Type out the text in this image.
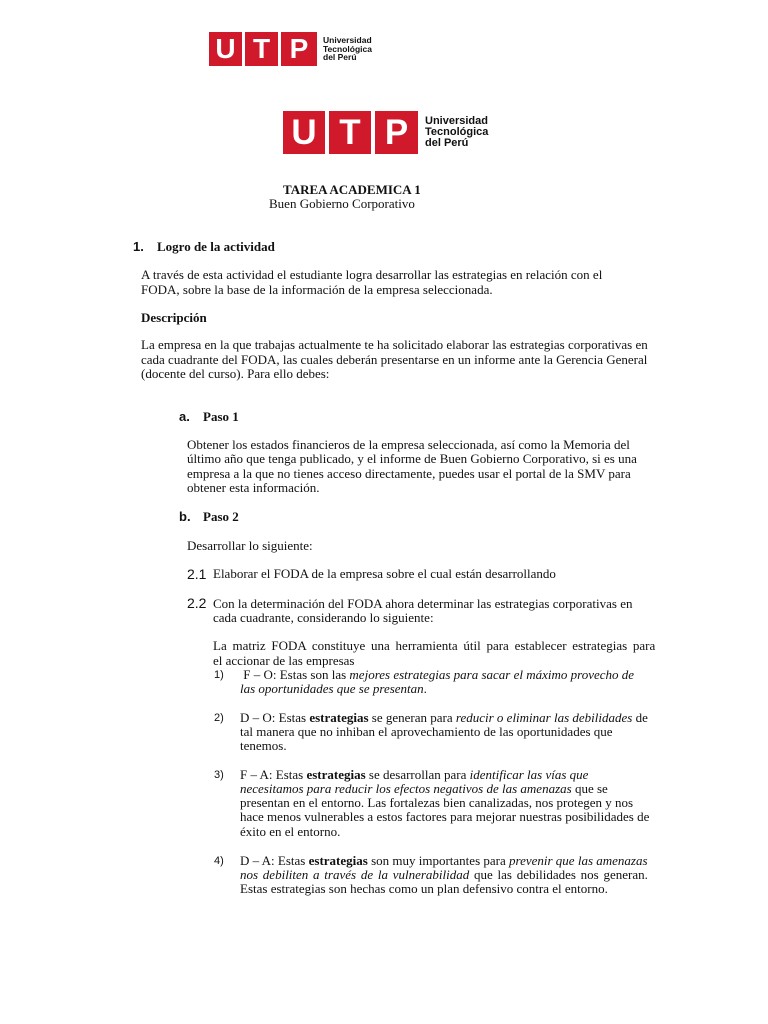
U T P	Universidad
Tecnológica
del Perú
U T P	Universidad
Tecnológica
del Perú
TAREA ACADEMICA 1
Buen Gobierno Corporativo
1. Logro de la actividad
A través de esta actividad el estudiante logra desarrollar las estrategias en relación con el
FODA, sobre la base de la información de la empresa seleccionada.
Descripción
La empresa en la que trabajas actualmente te ha solicitado elaborar las estrategias corporativas en
cada cuadrante del FODA, las cuales deberán presentarse en un informe ante la Gerencia General
(docente del curso). Para ello debes:
a. Paso 1
Obtener los estados financieros de la empresa seleccionada, así como la Memoria del
último año que tenga publicado, y el informe de Buen Gobierno Corporativo, si es una
empresa a la que no tienes acceso directamente, puedes usar el portal de la SMV para
obtener esta información.
b. Paso 2
Desarrollar lo siguiente:
2.1 Elaborar el FODA de la empresa sobre el cual están desarrollando
2.2 Con la determinación del FODA ahora determinar las estrategias corporativas en
cada cuadrante, considerando lo siguiente:
La matriz FODA constituye una herramienta útil para establecer estrategias para
el accionar de las empresas
1) F – O: Estas son las mejores estrategias para sacar el máximo provecho de
las oportunidades que se presentan.
2) D – O: Estas estrategias se generan para reducir o eliminar las debilidades de
tal manera que no inhiban el aprovechamiento de las oportunidades que
tenemos.
3) F – A: Estas estrategias se desarrollan para identificar las vías que
necesitamos para reducir los efectos negativos de las amenazas que se
presentan en el entorno. Las fortalezas bien canalizadas, nos protegen y nos
hace menos vulnerables a estos factores para mejorar nuestras posibilidades de
éxito en el entorno.
4) D – A: Estas estrategias son muy importantes para prevenir que las amenazas
nos debiliten a través de la vulnerabilidad que las debilidades nos generan.
Estas estrategias son hechas como un plan defensivo contra el entorno.
